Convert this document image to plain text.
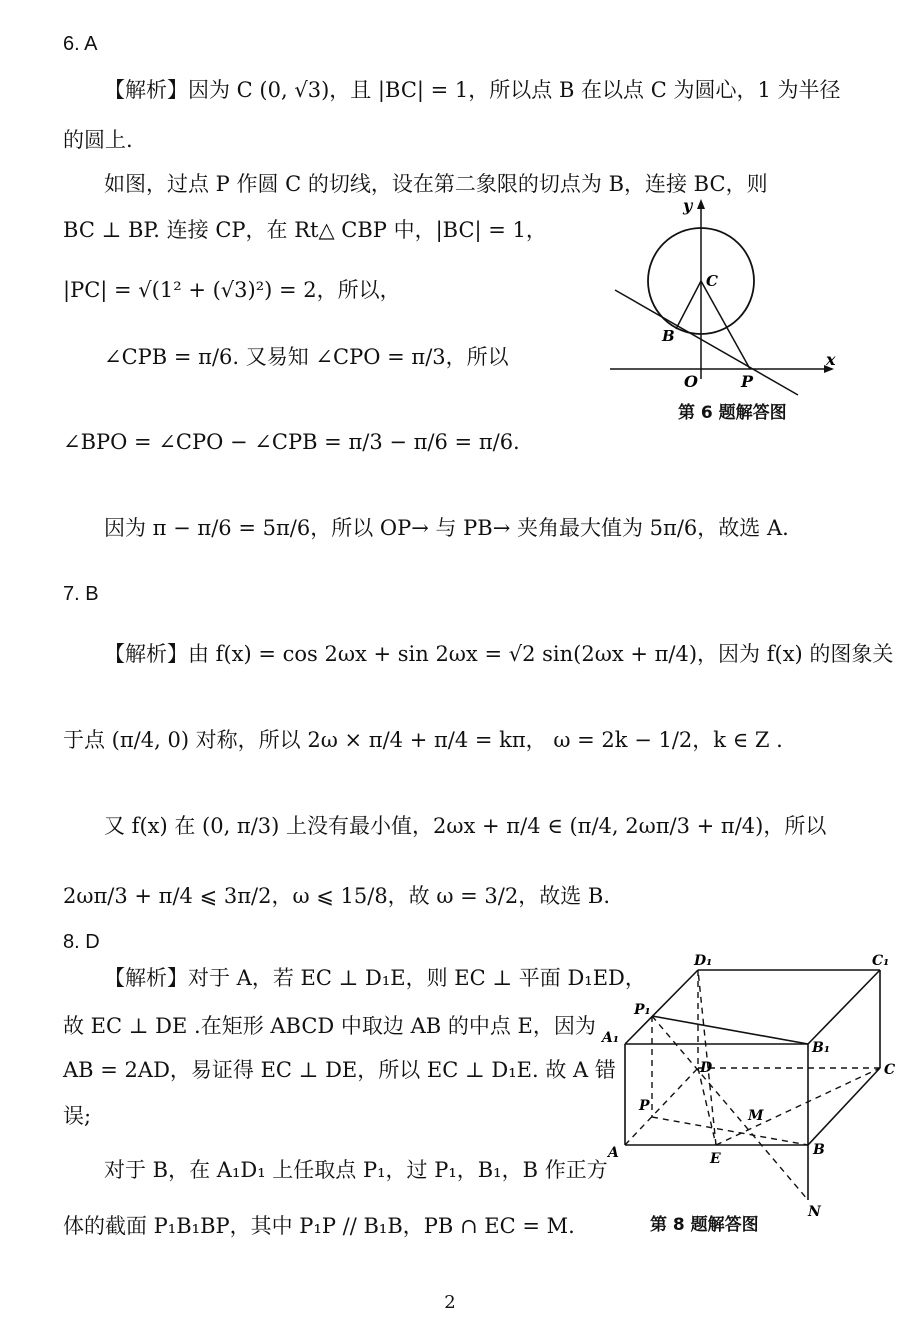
6. A
【解析】因为 C (0, √3)，且 |BC| = 1，所以点 B 在以点 C 为圆心，1 为半径
的圆上.
如图，过点 P 作圆 C 的切线，设在第二象限的切点为 B，连接 BC，则
BC ⊥ BP. 连接 CP，在 Rt△ CBP 中，|BC| = 1，
|PC| = √(1² + (√3)²) = 2，所以，
∠CPB = π/6. 又易知 ∠CPO = π/3，所以
∠BPO = ∠CPO − ∠CPB = π/3 − π/6 = π/6.
因为 π − π/6 = 5π/6，所以 OP→ 与 PB→ 夹角最大值为 5π/6，故选 A.
y
x
C
B
O	P
第 6 题解答图
7. B
【解析】由 f(x) = cos 2ωx + sin 2ωx = √2 sin(2ωx + π/4)，因为 f(x) 的图象关
于点 (π/4, 0) 对称，所以 2ω × π/4 + π/4 = kπ， ω = 2k − 1/2，k ∈ Z .
又 f(x) 在 (0, π/3) 上没有最小值，2ωx + π/4 ∈ (π/4, 2ωπ/3 + π/4)，所以
2ωπ/3 + π/4 ⩽ 3π/2，ω ⩽ 15/8，故 ω = 3/2，故选 B.
8. D
【解析】对于 A，若 EC ⊥ D₁E，则 EC ⊥ 平面 D₁ED，
故 EC ⊥ DE .在矩形 ABCD 中取边 AB 的中点 E，因为
AB = 2AD，易证得 EC ⊥ DE，所以 EC ⊥ D₁E. 故 A 错
误;
对于 B，在 A₁D₁ 上任取点 P₁，过 P₁，B₁，B 作正方
体的截面 P₁B₁BP，其中 P₁P // B₁B，PB ∩ EC = M.
D₁	C₁
P₁
A₁
B₁
D	C
P
M
A	E
B
N
第 8 题解答图
2
